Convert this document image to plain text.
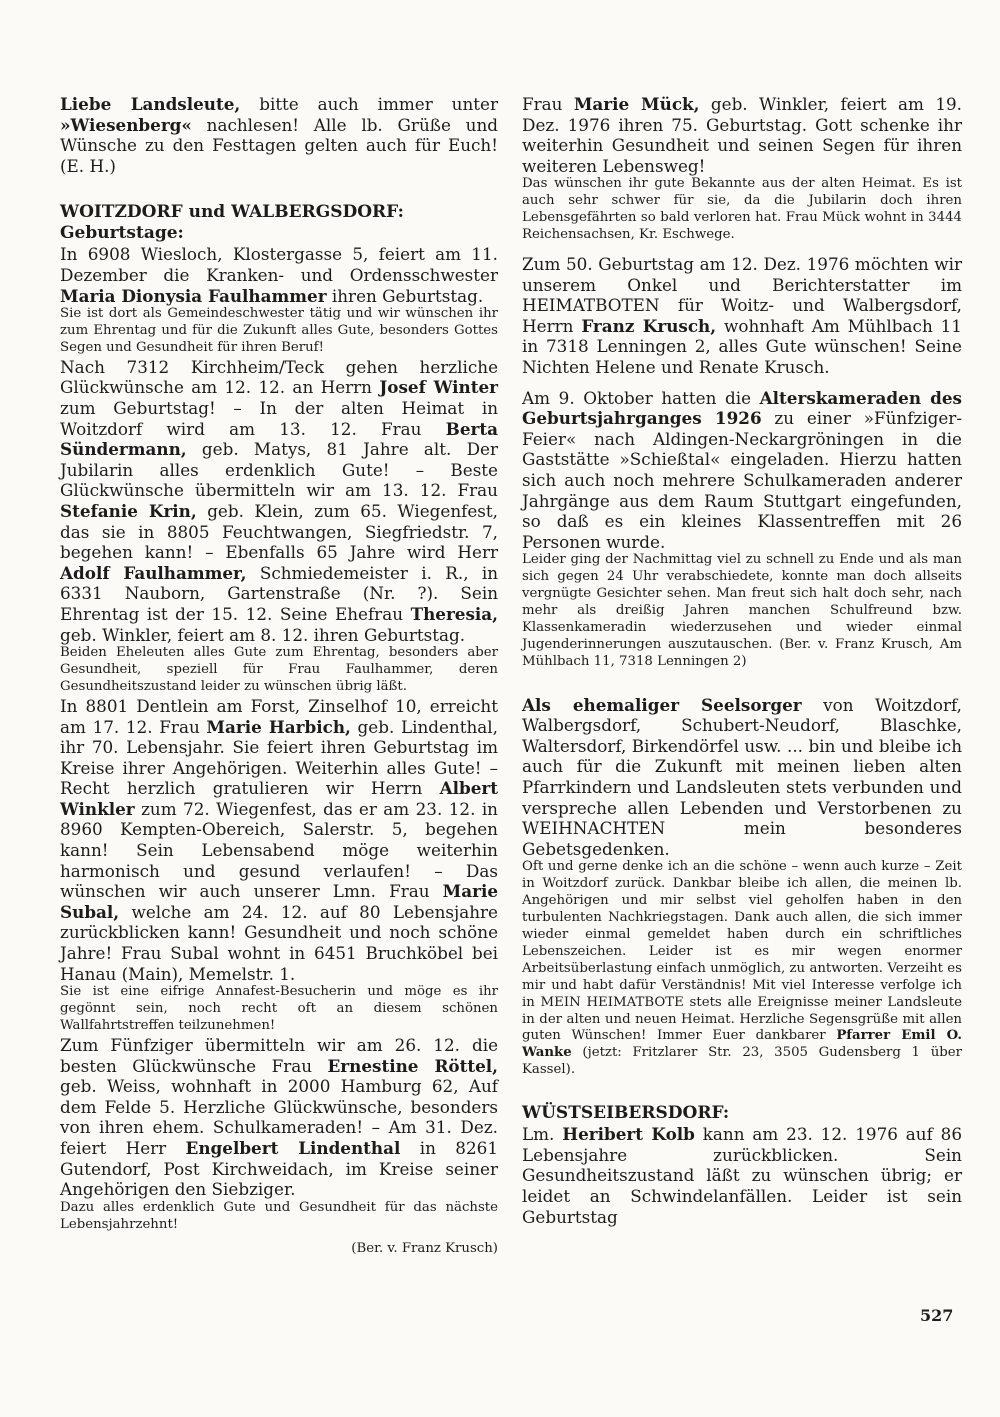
Liebe Landsleute, bitte auch immer unter »Wiesenberg« nachlesen! Alle lb. Grüße und Wünsche zu den Festtagen gelten auch für Euch! (E. H.)

WOITZDORF und WALBERGSDORF:

Geburtstage:

In 6908 Wiesloch, Klostergasse 5, feiert am 11. Dezember die Kranken- und Ordensschwester Maria Dionysia Faulhammer ihren Geburtstag.

Sie ist dort als Gemeindeschwester tätig und wir wünschen ihr zum Ehrentag und für die Zukunft alles Gute, besonders Gottes Segen und Gesundheit für ihren Beruf!

Nach 7312 Kirchheim/Teck gehen herzliche Glückwünsche am 12. 12. an Herrn Josef Winter zum Geburtstag! – In der alten Heimat in Woitzdorf wird am 13. 12. Frau Berta Sündermann, geb. Matys, 81 Jahre alt. Der Jubilarin alles erdenklich Gute! – Beste Glückwünsche übermitteln wir am 13. 12. Frau Stefanie Krin, geb. Klein, zum 65. Wiegenfest, das sie in 8805 Feuchtwangen, Siegfriedstr. 7, begehen kann! – Ebenfalls 65 Jahre wird Herr Adolf Faulhammer, Schmiedemeister i. R., in 6331 Nauborn, Gartenstraße (Nr. ?). Sein Ehrentag ist der 15. 12. Seine Ehefrau Theresia, geb. Winkler, feiert am 8. 12. ihren Geburtstag.

Beiden Eheleuten alles Gute zum Ehrentag, besonders aber Gesundheit, speziell für Frau Faulhammer, deren Gesundheitszustand leider zu wünschen übrig läßt.

In 8801 Dentlein am Forst, Zinselhof 10, erreicht am 17. 12. Frau Marie Harbich, geb. Lindenthal, ihr 70. Lebensjahr. Sie feiert ihren Geburtstag im Kreise ihrer Angehörigen. Weiterhin alles Gute! – Recht herzlich gratulieren wir Herrn Albert Winkler zum 72. Wiegenfest, das er am 23. 12. in 8960 Kempten-Obereich, Salerstr. 5, begehen kann! Sein Lebensabend möge weiterhin harmonisch und gesund verlaufen! – Das wünschen wir auch unserer Lmn. Frau Marie Subal, welche am 24. 12. auf 80 Lebensjahre zurückblicken kann! Gesundheit und noch schöne Jahre! Frau Subal wohnt in 6451 Bruchköbel bei Hanau (Main), Memelstr. 1.

Sie ist eine eifrige Annafest-Besucherin und möge es ihr gegönnt sein, noch recht oft an diesem schönen Wallfahrtstreffen teilzunehmen!

Zum Fünfziger übermitteln wir am 26. 12. die besten Glückwünsche Frau Ernestine Röttel, geb. Weiss, wohnhaft in 2000 Hamburg 62, Auf dem Felde 5. Herzliche Glückwünsche, besonders von ihren ehem. Schulkameraden! – Am 31. Dez. feiert Herr Engelbert Lindenthal in 8261 Gutendorf, Post Kirchweidach, im Kreise seiner Angehörigen den Siebziger.

Dazu alles erdenklich Gute und Gesundheit für das nächste Lebensjahrzehnt!

(Ber. v. Franz Krusch)

Frau Marie Mück, geb. Winkler, feiert am 19. Dez. 1976 ihren 75. Geburtstag. Gott schenke ihr weiterhin Gesundheit und seinen Segen für ihren weiteren Lebensweg!

Das wünschen ihr gute Bekannte aus der alten Heimat. Es ist auch sehr schwer für sie, da die Jubilarin doch ihren Lebensgefährten so bald verloren hat. Frau Mück wohnt in 3444 Reichensachsen, Kr. Eschwege.

Zum 50. Geburtstag am 12. Dez. 1976 möchten wir unserem Onkel und Berichterstatter im HEIMATBOTEN für Woitz- und Walbergsdorf, Herrn Franz Krusch, wohnhaft Am Mühlbach 11 in 7318 Lenningen 2, alles Gute wünschen! Seine Nichten Helene und Renate Krusch.

Am 9. Oktober hatten die Alterskameraden des Geburtsjahrganges 1926 zu einer »Fünfziger-Feier« nach Aldingen-Neckargröningen in die Gaststätte »Schießtal« eingeladen. Hierzu hatten sich auch noch mehrere Schulkameraden anderer Jahrgänge aus dem Raum Stuttgart eingefunden, so daß es ein kleines Klassentreffen mit 26 Personen wurde.

Leider ging der Nachmittag viel zu schnell zu Ende und als man sich gegen 24 Uhr verabschiedete, konnte man doch allseits vergnügte Gesichter sehen. Man freut sich halt doch sehr, nach mehr als dreißig Jahren manchen Schulfreund bzw. Klassenkameradin wiederzusehen und wieder einmal Jugenderinnerungen auszutauschen. (Ber. v. Franz Krusch, Am Mühlbach 11, 7318 Lenningen 2)

Als ehemaliger Seelsorger von Woitzdorf, Walbergsdorf, Schubert-Neudorf, Blaschke, Waltersdorf, Birkendörfel usw. ... bin und bleibe ich auch für die Zukunft mit meinen lieben alten Pfarrkindern und Landsleuten stets verbunden und verspreche allen Lebenden und Verstorbenen zu WEIHNACHTEN mein besonderes Gebetsgedenken.

Oft und gerne denke ich an die schöne – wenn auch kurze – Zeit in Woitzdorf zurück. Dankbar bleibe ich allen, die meinen lb. Angehörigen und mir selbst viel geholfen haben in den turbulenten Nachkriegstagen. Dank auch allen, die sich immer wieder einmal gemeldet haben durch ein schriftliches Lebenszeichen. Leider ist es mir wegen enormer Arbeitsüberlastung einfach unmöglich, zu antworten. Verzeiht es mir und habt dafür Verständnis! Mit viel Interesse verfolge ich in MEIN HEIMATBOTE stets alle Ereignisse meiner Landsleute in der alten und neuen Heimat. Herzliche Segensgrüße mit allen guten Wünschen! Immer Euer dankbarer Pfarrer Emil O. Wanke (jetzt: Fritzlarer Str. 23, 3505 Gudensberg 1 über Kassel).

WÜSTSEIBERSDORF:

Lm. Heribert Kolb kann am 23. 12. 1976 auf 86 Lebensjahre zurückblicken. Sein Gesundheitszustand läßt zu wünschen übrig; er leidet an Schwindelanfällen. Leider ist sein Geburtstag

527
